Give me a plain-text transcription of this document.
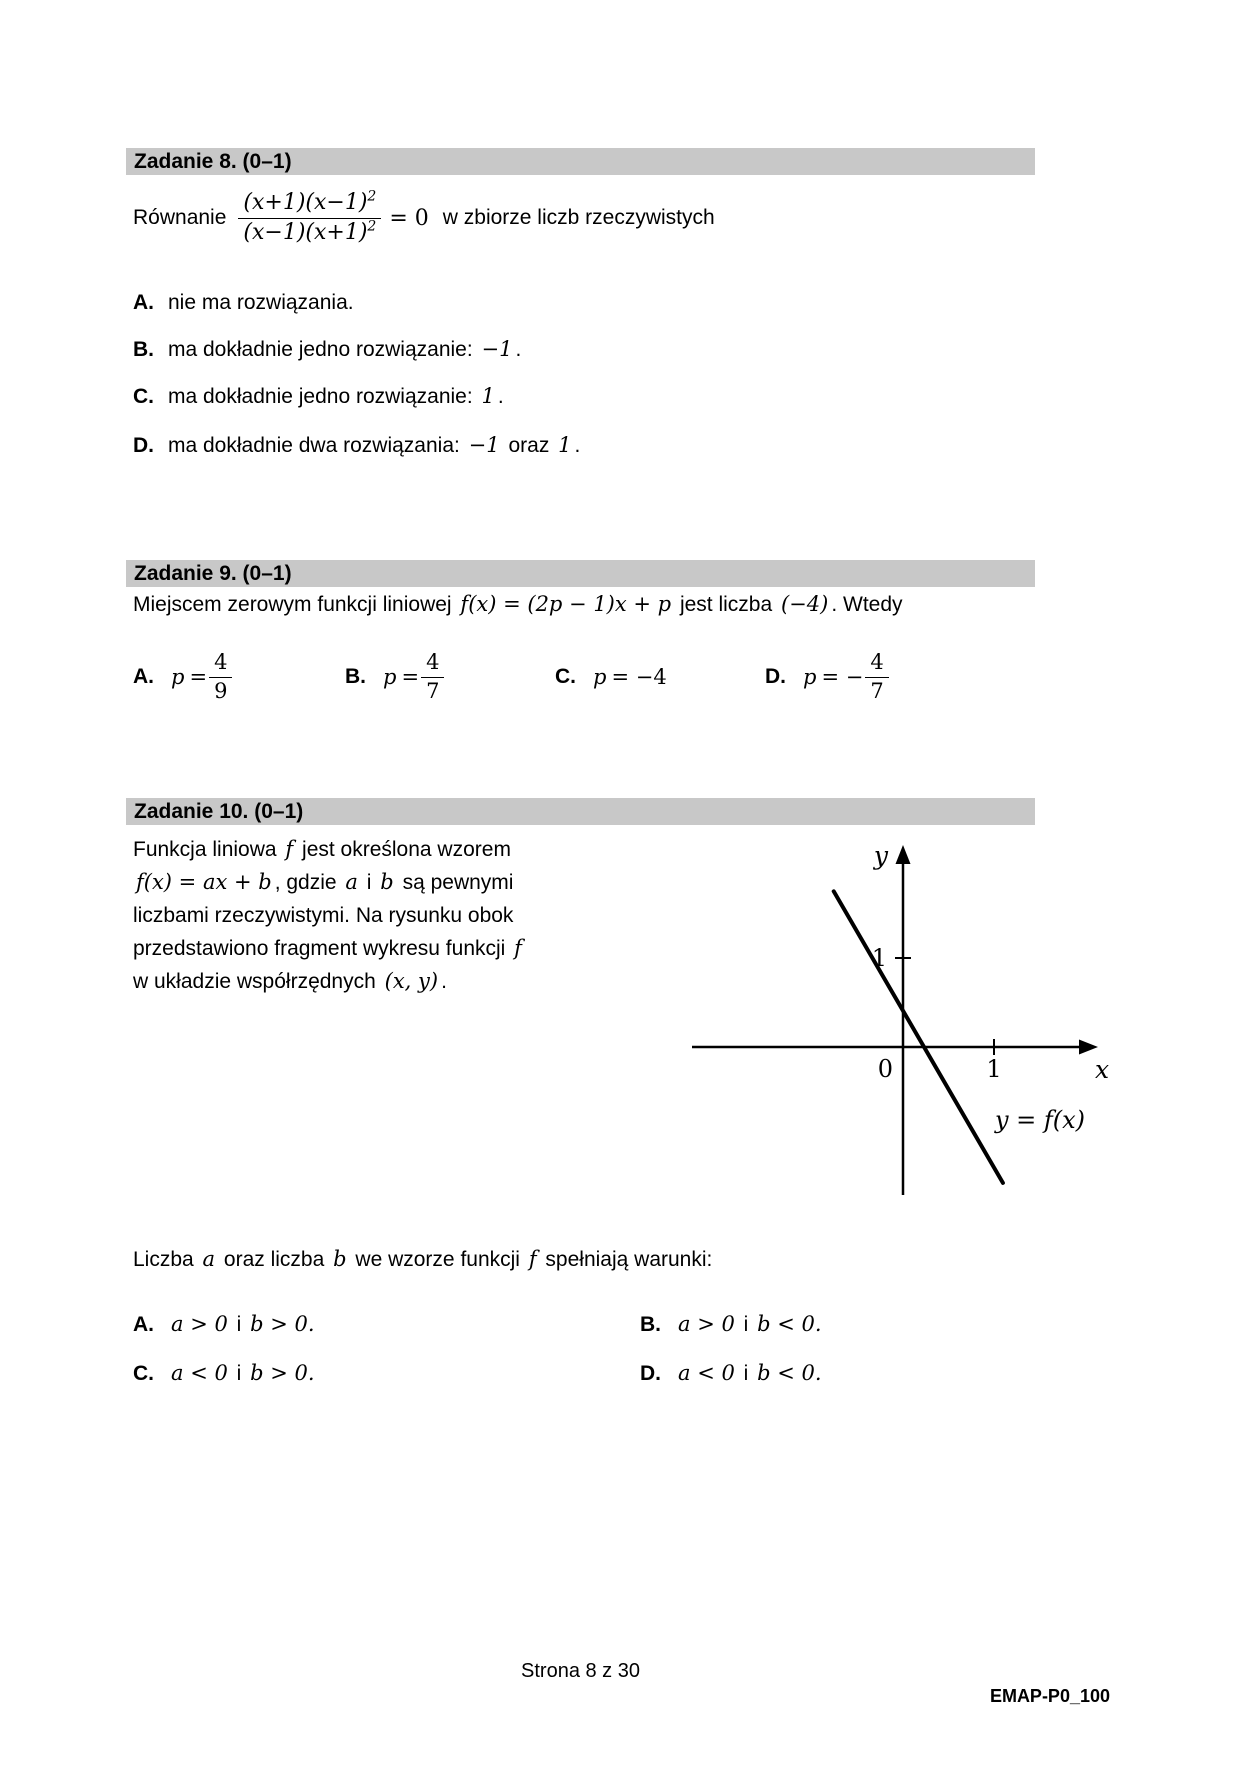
Zadanie 8. (0–1)
Równanie $\frac{(x+1)(x-1)^2}{(x-1)(x+1)^2} = 0$ w zbiorze liczb rzeczywistych
A. nie ma rozwiązania.
B. ma dokładnie jedno rozwiązanie: −1 .
C. ma dokładnie jedno rozwiązanie: 1 .
D. ma dokładnie dwa rozwiązania: −1 oraz 1 .
Zadanie 9. (0–1)
Miejscem zerowym funkcji liniowej f(x) = (2p − 1)x + p jest liczba (−4) . Wtedy
A. $p = \frac{4}{9}$	B. $p = \frac{4}{7}$	C. p = −4	D. p = − $\frac{4}{7}$
Zadanie 10. (0–1)
Funkcja liniowa f jest określona wzorem
f(x) = ax + b , gdzie a i b są pewnymi
liczbami rzeczywistymi. Na rysunku obok
przedstawiono fragment wykresu funkcji f
w układzie współrzędnych (x, y) .
y
x
0
1
1
y = f(x)
Liczba a oraz liczba b we wzorze funkcji f spełniają warunki:
A. a > 0 i b > 0.	B. a > 0 i b < 0.
C. a < 0 i b > 0.	D. a < 0 i b < 0.
Strona 8 z 30
EMAP-P0_100
